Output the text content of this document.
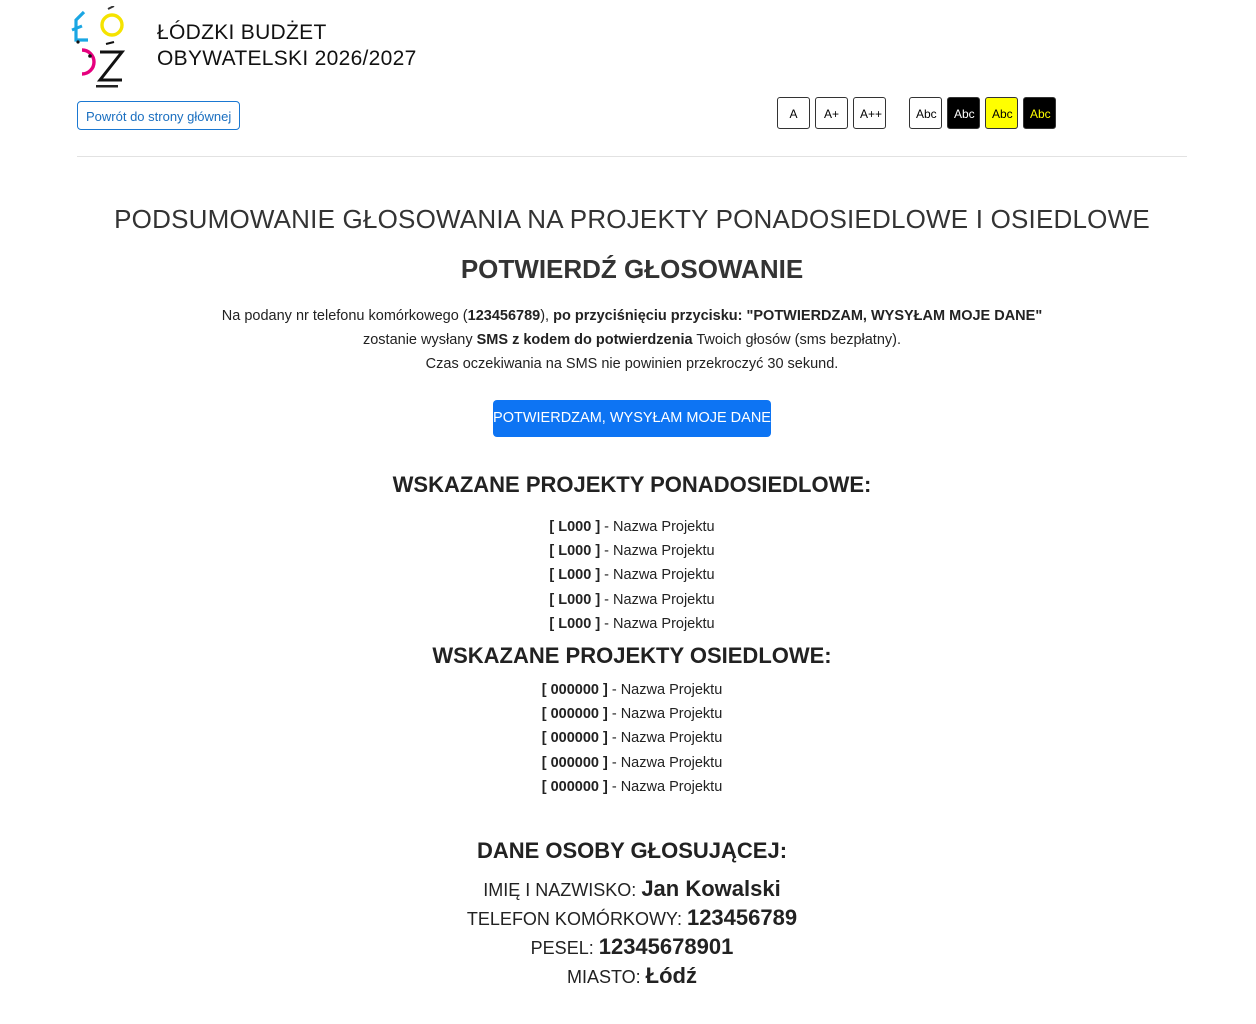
ŁÓDZKI BUDŻET
OBYWATELSKI 2026/2027
Powrót do strony głównej	A	A+	A++	Abc	Abc	Abc	Abc
PODSUMOWANIE GŁOSOWANIA NA PROJEKTY PONADOSIEDLOWE I OSIEDLOWE
POTWIERDŹ GŁOSOWANIE
Na podany nr telefonu komórkowego (123456789), po przyciśnięciu przycisku: "POTWIERDZAM, WYSYŁAM MOJE DANE"
zostanie wysłany SMS z kodem do potwierdzenia Twoich głosów (sms bezpłatny).
Czas oczekiwania na SMS nie powinien przekroczyć 30 sekund.
POTWIERDZAM, WYSYŁAM MOJE DANE
WSKAZANE PROJEKTY PONADOSIEDLOWE:
[ L000 ] - Nazwa Projektu
[ L000 ] - Nazwa Projektu
[ L000 ] - Nazwa Projektu
[ L000 ] - Nazwa Projektu
[ L000 ] - Nazwa Projektu
WSKAZANE PROJEKTY OSIEDLOWE:
[ 000000 ] - Nazwa Projektu
[ 000000 ] - Nazwa Projektu
[ 000000 ] - Nazwa Projektu
[ 000000 ] - Nazwa Projektu
[ 000000 ] - Nazwa Projektu
DANE OSOBY GŁOSUJĄCEJ:
IMIĘ I NAZWISKO: Jan Kowalski
TELEFON KOMÓRKOWY: 123456789
PESEL: 12345678901
MIASTO: Łódź
